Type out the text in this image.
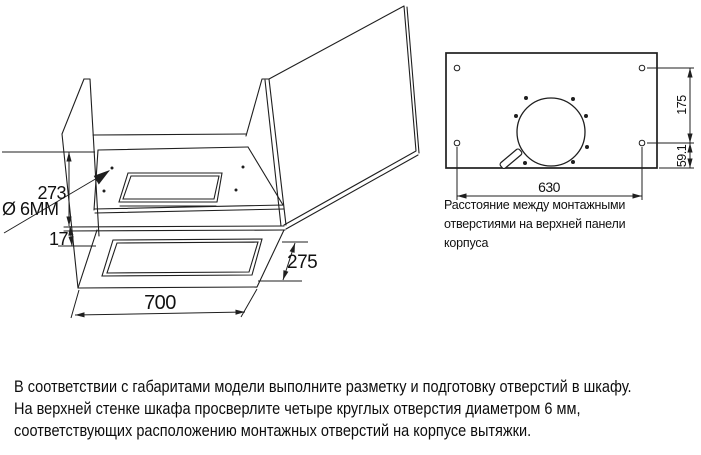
273
Ø 6MM
17
700
275
175
59.1
630
Расстояние между монтажными
отверстиями на верхней панели
корпуса
В соответствии с габаритами модели выполните разметку и подготовку отверстий в шкафу.
На верхней стенке шкафа просверлите четыре круглых отверстия диаметром 6 мм,
соответствующих расположению монтажных отверстий на корпусе вытяжки.
